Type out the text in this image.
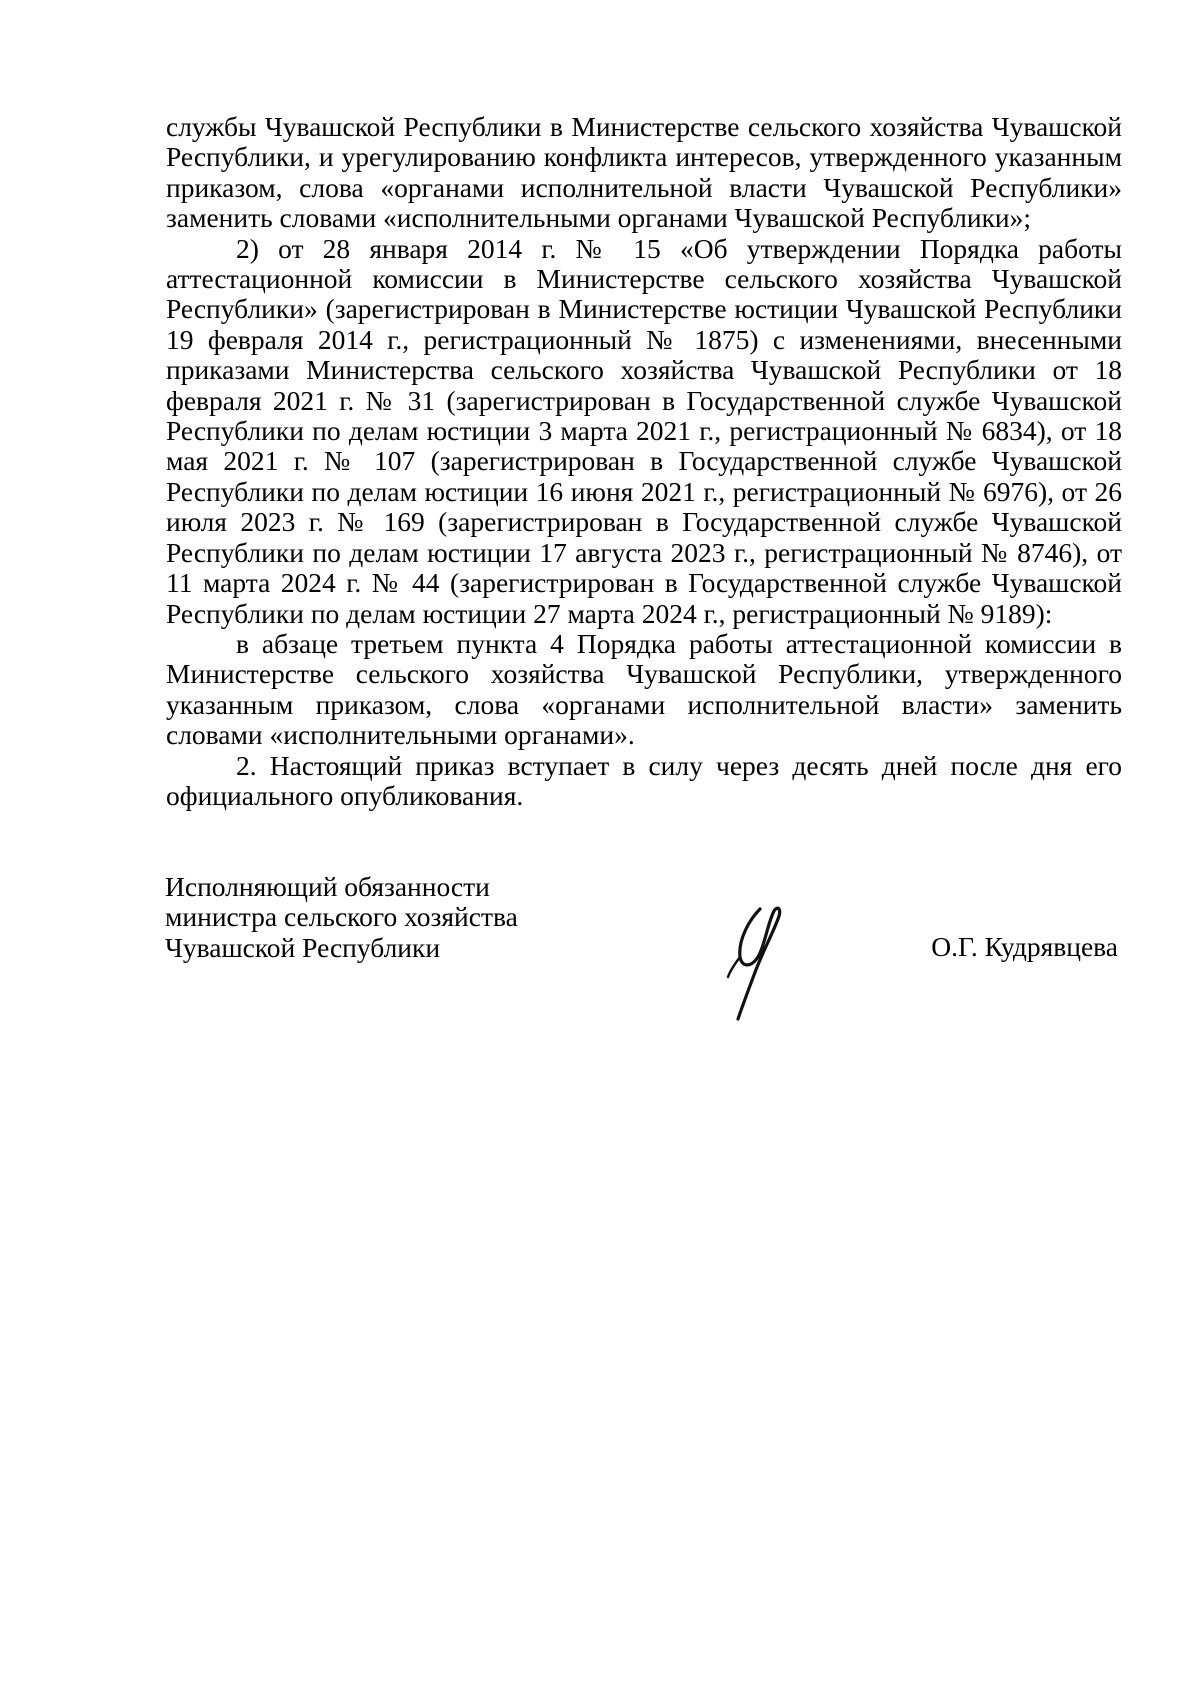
службы Чувашской Республики в Министерстве сельского хозяйства Чувашской Республики, и урегулированию конфликта интересов, утвержденного указанным приказом, слова «органами исполнительной власти Чувашской Республики» заменить словами «исполнительными органами Чувашской Республики»;

2) от 28 января 2014 г. № 15 «Об утверждении Порядка работы аттестационной комиссии в Министерстве сельского хозяйства Чувашской Республики» (зарегистрирован в Министерстве юстиции Чувашской Республики 19 февраля 2014 г., регистрационный № 1875) с изменениями, внесенными приказами Министерства сельского хозяйства Чувашской Республики от 18 февраля 2021 г. № 31 (зарегистрирован в Государственной службе Чувашской Республики по делам юстиции 3 марта 2021 г., регистрационный № 6834), от 18 мая 2021 г. № 107 (зарегистрирован в Государственной службе Чувашской Республики по делам юстиции 16 июня 2021 г., регистрационный № 6976), от 26 июля 2023 г. № 169 (зарегистрирован в Государственной службе Чувашской Республики по делам юстиции 17 августа 2023 г., регистрационный № 8746), от 11 марта 2024 г. № 44 (зарегистрирован в Государственной службе Чувашской Республики по делам юстиции 27 марта 2024 г., регистрационный № 9189):

в абзаце третьем пункта 4 Порядка работы аттестационной комиссии в Министерстве сельского хозяйства Чувашской Республики, утвержденного указанным приказом, слова «органами исполнительной власти» заменить словами «исполнительными органами».

2. Настоящий приказ вступает в силу через десять дней после дня его официального опубликования.

Исполняющий обязанности
министра сельского хозяйства
Чувашской Республики	О.Г. Кудрявцева
